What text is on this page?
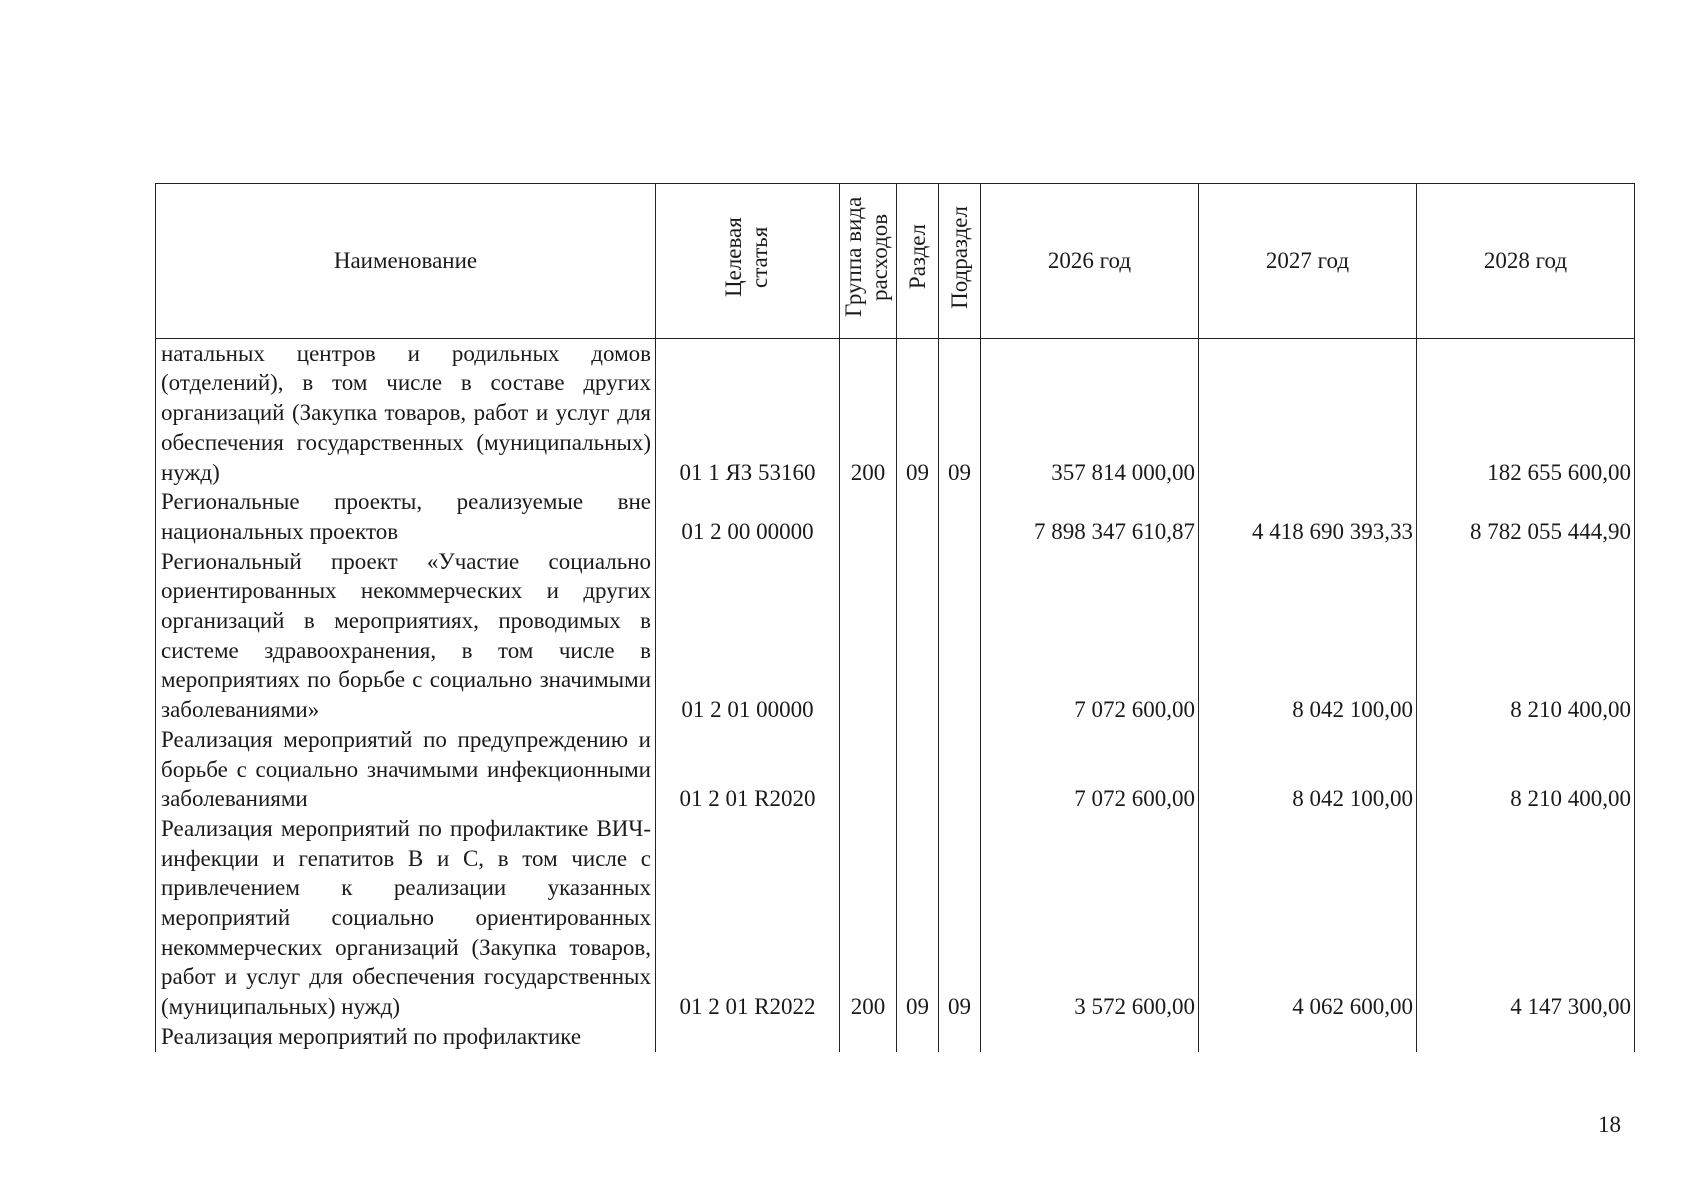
Наименование	Целевая статья	Группа вида расходов	Раздел	Подраздел	2026 год	2027 год	2028 год
натальных центров и родильных домов (отделений), в том числе в составе других организаций (Закупка товаров, работ и услуг для обеспечения государственных (муниципальных) нужд)	01 1 ЯЗ 53160	200	09	09	357 814 000,00		182 655 600,00
Региональные проекты, реализуемые вне национальных проектов	01 2 00 00000				7 898 347 610,87	4 418 690 393,33	8 782 055 444,90
Региональный проект «Участие социально ориентированных некоммерческих и других организаций в мероприятиях, проводимых в системе здравоохранения, в том числе в мероприятиях по борьбе с социально значимыми заболеваниями»	01 2 01 00000				7 072 600,00	8 042 100,00	8 210 400,00
Реализация мероприятий по предупреждению и борьбе с социально значимыми инфекционными заболеваниями	01 2 01 R2020				7 072 600,00	8 042 100,00	8 210 400,00
Реализация мероприятий по профилактике ВИЧ-инфекции и гепатитов В и С, в том числе с привлечением к реализации указанных мероприятий социально ориентированных некоммерческих организаций (Закупка товаров, работ и услуг для обеспечения государственных (муниципальных) нужд)	01 2 01 R2022	200	09	09	3 572 600,00	4 062 600,00	4 147 300,00
Реализация мероприятий по профилактике							
18
